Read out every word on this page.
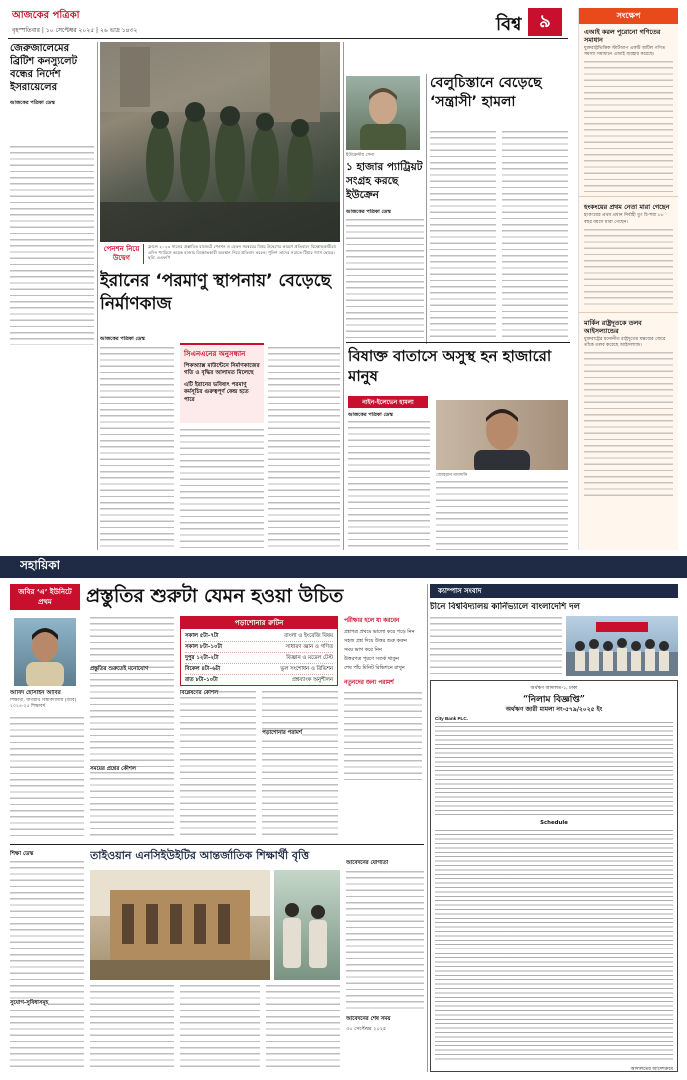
আজকের পত্রিকা
বৃহস্পতিবার | ১০ সেপ্টেম্বর ২০২৫ | ২৬ ভাদ্র ১৪৩২	বিশ্ব ৯
জেরুজালেমের ব্রিটিশ কনস্যুলেট বন্ধের নির্দেশ ইসরায়েলের
আজকের পত্রিকা ডেস্ক
পেনশন নিয়ে উদ্বেগ
ফ্রান্সে ২০২৩ সালের প্রস্তাবিত বাজেটে পেনশন ও বেতন সমন্বয়ের বিষয় উদ্বেগের কারণে প্রতিবাদে বিক্ষোভকারীরা। এদিন প্যারিসে কয়েক হাজার বিক্ষোভকারী অবস্থান নিয়ে প্রতিবাদ করেন। পুলিশ তাদের সরাতে টিয়ার গ্যাস ছোড়ে। ছবি: এএফপি
ইউক্রেনীয় সেনা
১ হাজার প্যাট্রিয়ট সংগ্রহ করছে ইউক্রেন
আজকের পত্রিকা ডেস্ক
বেলুচিস্তানে বেড়েছে ‘সন্ত্রাসী’ হামলা
ইরানের ‘পরমাণু স্থাপনায়’ বেড়েছে নির্মাণকাজ
আজকের পত্রিকা ডেস্ক
সিএনএনের অনুসন্ধান
পিকঅ্যাক্স মাউন্টেনে নির্মাণকাজের গতি ও বৃদ্ধির আলামত মিলেছে
এটি ইরানের ভবিষ্যৎ পরমাণু কর্মসূচির গুরুত্বপূর্ণ কেন্দ্র হতে পারে
বিষাক্ত বাতাসে অসুস্থ হন হাজারো মানুষ
নাইন-ইলেভেন হামলা
আজকের পত্রিকা ডেস্ক
জোহরান মামদানি
সংক্ষেপ
এআই করল পুরোনো গণিতের সমাধান
যুক্তরাষ্ট্রভিত্তিক স্টার্টআপ একটি জটিল গণিত সমস্যা সমাধানে এআই ব্যবহার করেছে।
হংকংয়ের প্রথম নেতা মারা গেছেন
হংকংয়ের প্রথম প্রধান নির্বাহী তুং চি-হুয়া ৮৮ বছর বয়সে মারা গেছেন।
মার্কিন রাষ্ট্রদূতকে তলব আইসল্যান্ডের
যুক্তরাষ্ট্রের মনোনীত রাষ্ট্রদূতের মন্তব্যের জেরে তাঁকে তলব করেছে আইসল্যান্ড।
সহায়িকা
জবির ‘এ’ ইউনিটে প্রথম	প্রস্তুতির শুরুটা যেমন হওয়া উচিত
আবিদ হোসাইন আবির
শিক্ষার্থী, জগন্নাথ বিশ্ববিদ্যালয় (জবি) ২০২৪-২৫ শিক্ষাবর্ষ
প্রস্তুতির শুরুতেই মনোযোগ
সময়ের প্রশ্নের কৌশল
পড়াশোনার রুটিন
সকাল ৫টা–৭টা	বাংলা ও ইংরেজি বিষয়
সকাল ৮টা–১০টা	সাধারণ জ্ঞান ও গণিত
দুপুর ১২টা–২টা	বিজ্ঞান ও মডেল টেস্ট
বিকেল ৪টা–৬টা	ভুল সংশোধন ও রিভিশন
রাত ৮টা–১০টা	প্রশ্নব্যাংক অনুশীলন
বিশ্লেষণের কৌশল
পড়াশোনার পরামর্শ
পরীক্ষার হলে যা করবেন
প্রশ্নপত্র প্রথমে ভালো করে পড়ে নিন
সহজ প্রশ্ন দিয়ে উত্তর শুরু করুন
সময় ভাগ করে নিন
উত্তরপত্র পূরণে সতর্ক থাকুন
শেষ পাঁচ মিনিট রিভিশনে রাখুন
নতুনদের জন্য পরামর্শ
ক্যাম্পাস সংবাদ
চীনে বিশ্ববিদ্যালয় কার্নিভ্যালে বাংলাদেশি দল
অর্থঋণ আদালত-১, ঢাকা
“নিলাম বিজ্ঞপ্তি”
অর্থঋণ জারী মামলা নং-৫৭৯/২০২৫ ইং
City Bank PLC.
Schedule
আদালতের আদেশক্রমে
শিক্ষা ডেস্ক
সুযোগ-সুবিধাসমূহ
তাইওয়ান এনসিইউইটির আন্তর্জাতিক শিক্ষার্থী বৃত্তি
আবেদনের যোগ্যতা
আবেদনের শেষ সময়
৩০ সেপ্টেম্বর ২০২৫
